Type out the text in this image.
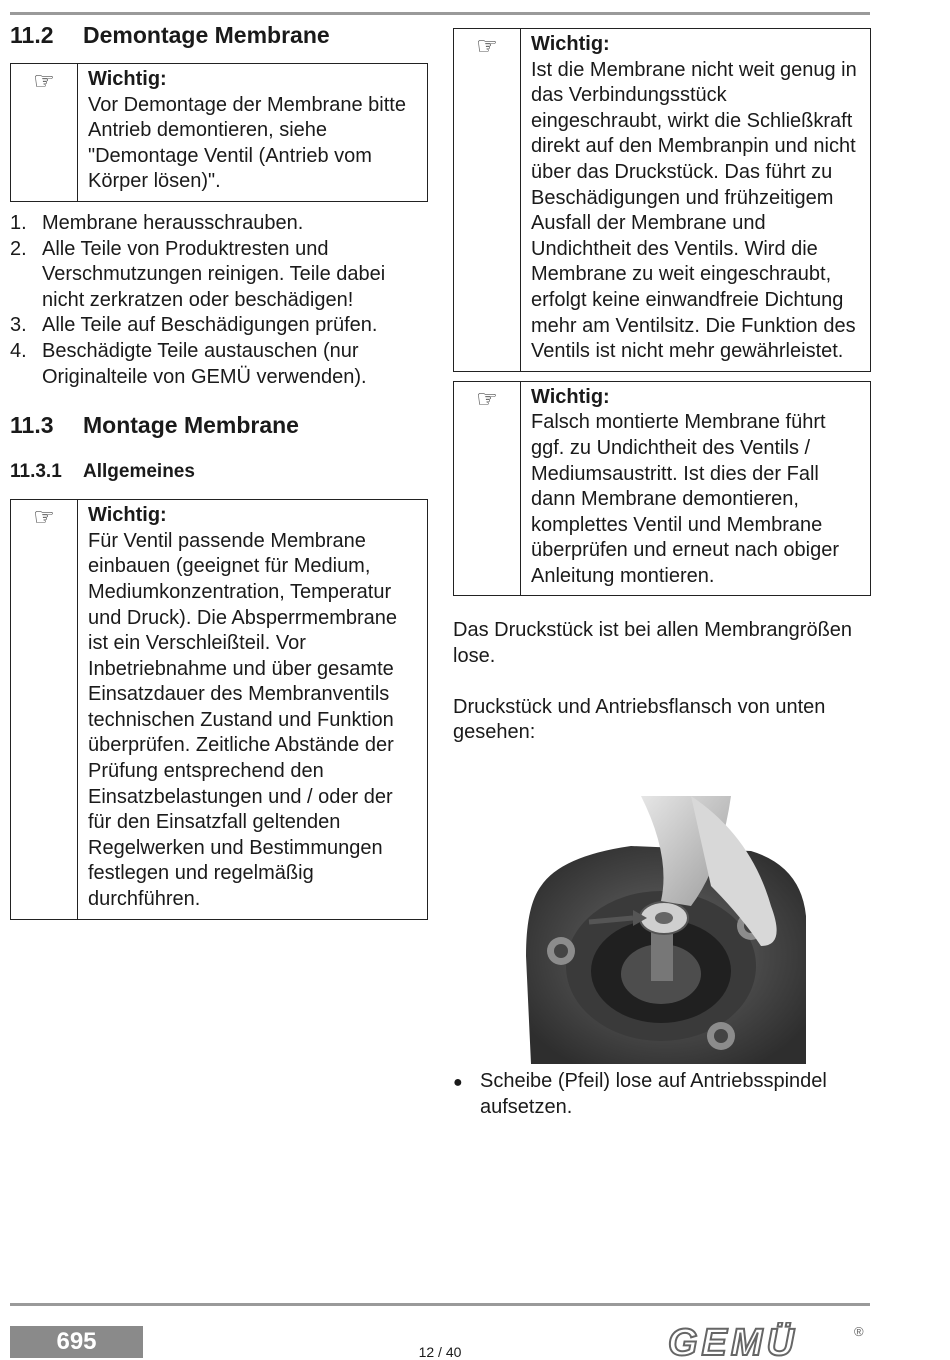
11.2	Demontage Membrane
☞	Wichtig:
Vor Demontage der Membrane bitte Antrieb demontieren, siehe "Demontage Ventil (Antrieb vom Körper lösen)".
1. Membrane herausschrauben.
2. Alle Teile von Produktresten und Verschmutzungen reinigen. Teile dabei nicht zerkratzen oder beschädigen!
3. Alle Teile auf Beschädigungen prüfen.
4. Beschädigte Teile austauschen (nur Originalteile von GEMÜ verwenden).
11.3	Montage Membrane
11.3.1	Allgemeines
☞	Wichtig:
Für Ventil passende Membrane einbauen (geeignet für Medium, Mediumkonzentration, Temperatur und Druck). Die Absperrmembrane ist ein Verschleißteil. Vor Inbetriebnahme und über gesamte Einsatzdauer des Membranventils technischen Zustand und Funktion überprüfen. Zeitliche Abstände der Prüfung entsprechend den Einsatzbelastungen und / oder der für den Einsatzfall geltenden Regelwerken und Bestimmungen festlegen und regelmäßig durchführen.
☞	Wichtig:
Ist die Membrane nicht weit genug in das Verbindungsstück eingeschraubt, wirkt die Schließkraft direkt auf den Membranpin und nicht über das Druckstück. Das führt zu Beschädigungen und frühzeitigem Ausfall der Membrane und Undichtheit des Ventils. Wird die Membrane zu weit eingeschraubt, erfolgt keine einwandfreie Dichtung mehr am Ventilsitz. Die Funktion des Ventils ist nicht mehr gewährleistet.
☞	Wichtig:
Falsch montierte Membrane führt ggf. zu Undichtheit des Ventils / Mediumsaustritt. Ist dies der Fall dann Membrane demontieren, komplettes Ventil und Membrane überprüfen und erneut nach obiger Anleitung montieren.

Das Druckstück ist bei allen Membrangrößen lose.

Druckstück und Antriebsflansch von unten gesehen:

● Scheibe (Pfeil) lose auf Antriebsspindel aufsetzen.
695	12 / 40	GEMÜ	®
